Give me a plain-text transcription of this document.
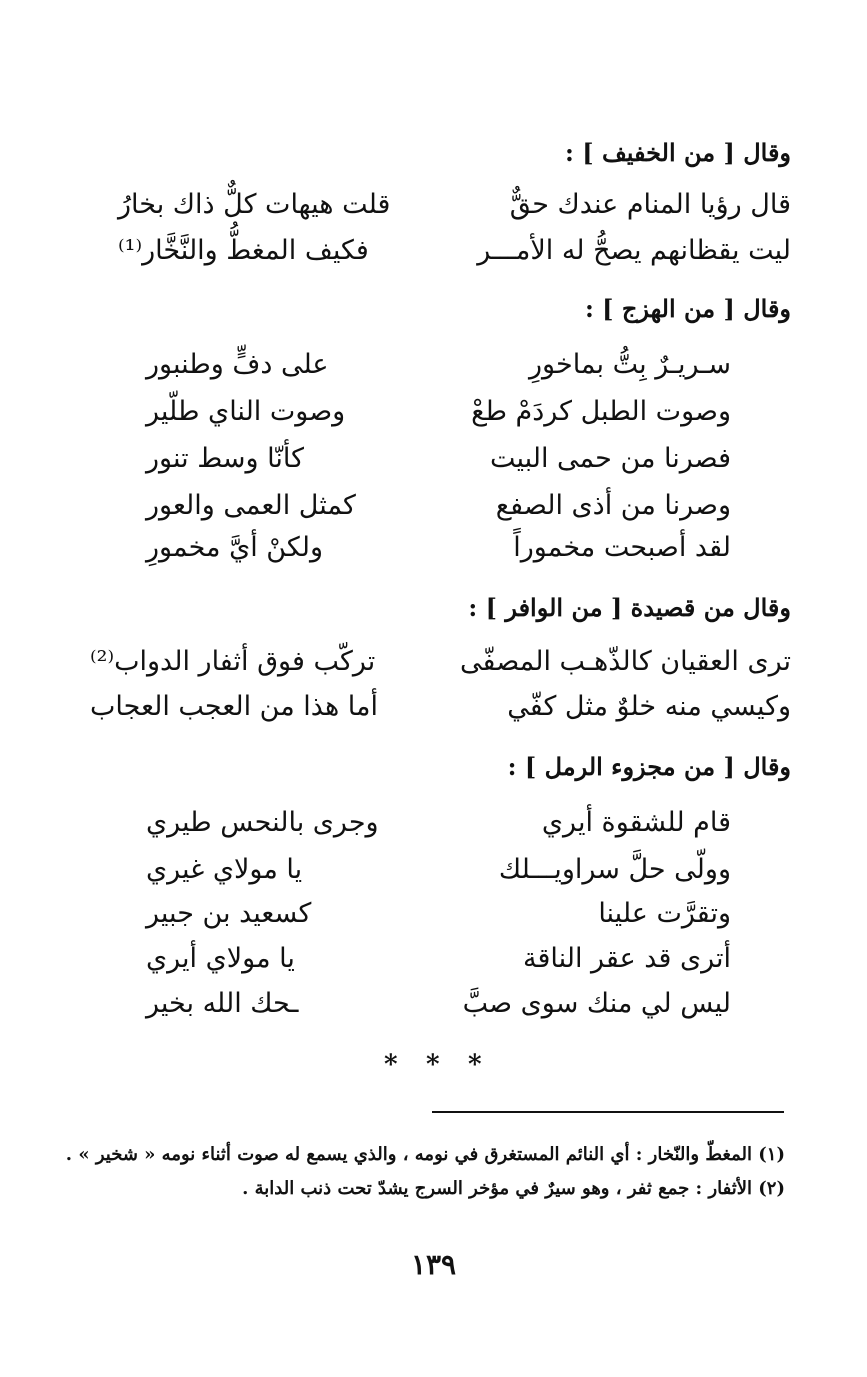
وقال [ من الخفيف ] :
قال رؤيا المنام عندك حقٌّ
قلت هيهات كلٌّ ذاك بخارُ
ليت يقظانهم يصحُّ له الأمـــر
فكيف المغطُّ والنَّخَّار⁽¹⁾
وقال [ من الهزج ] :
سـريـرٌ بِتُّ بماخورِ
على دفٍّ وطنبور
وصوت الطبل كردَمْ طعْ
وصوت الناي طلّير
فصرنا من حمى البيت
كأنّا وسط تنور
وصرنا من أذى الصفع
كمثل العمى والعور
لقد أصبحت مخموراً
ولكنْ أيَّ مخمورِ
وقال من قصيدة [ من الوافر ] :
ترى العقيان كالذّهـب المصفّى
تركّب فوق أثفار الدواب⁽²⁾
وكيسي منه خلوٌ مثل كفّي
أما هذا من العجب العجاب
وقال [ من مجزوء الرمل ] :
قام للشقوة أيري
وجرى بالنحس طيري
وولّى حلَّ سراويـــلك
يا مولاي غيري
وتقرَّت علينا
كسعيد بن جبير
أترى قد عقر الناقة
يا مولاي أيري
ليس لي منك سوى صبَّ
ـحك الله بخير
* * *
(١) المغطّ والنّخار : أي النائم المستغرق في نومه ، والذي يسمع له صوت أثناء نومه « شخير » .
(٢) الأثفار : جمع ثفر ، وهو سيرٌ في مؤخر السرج يشدّ تحت ذنب الدابة .
١٣٩
